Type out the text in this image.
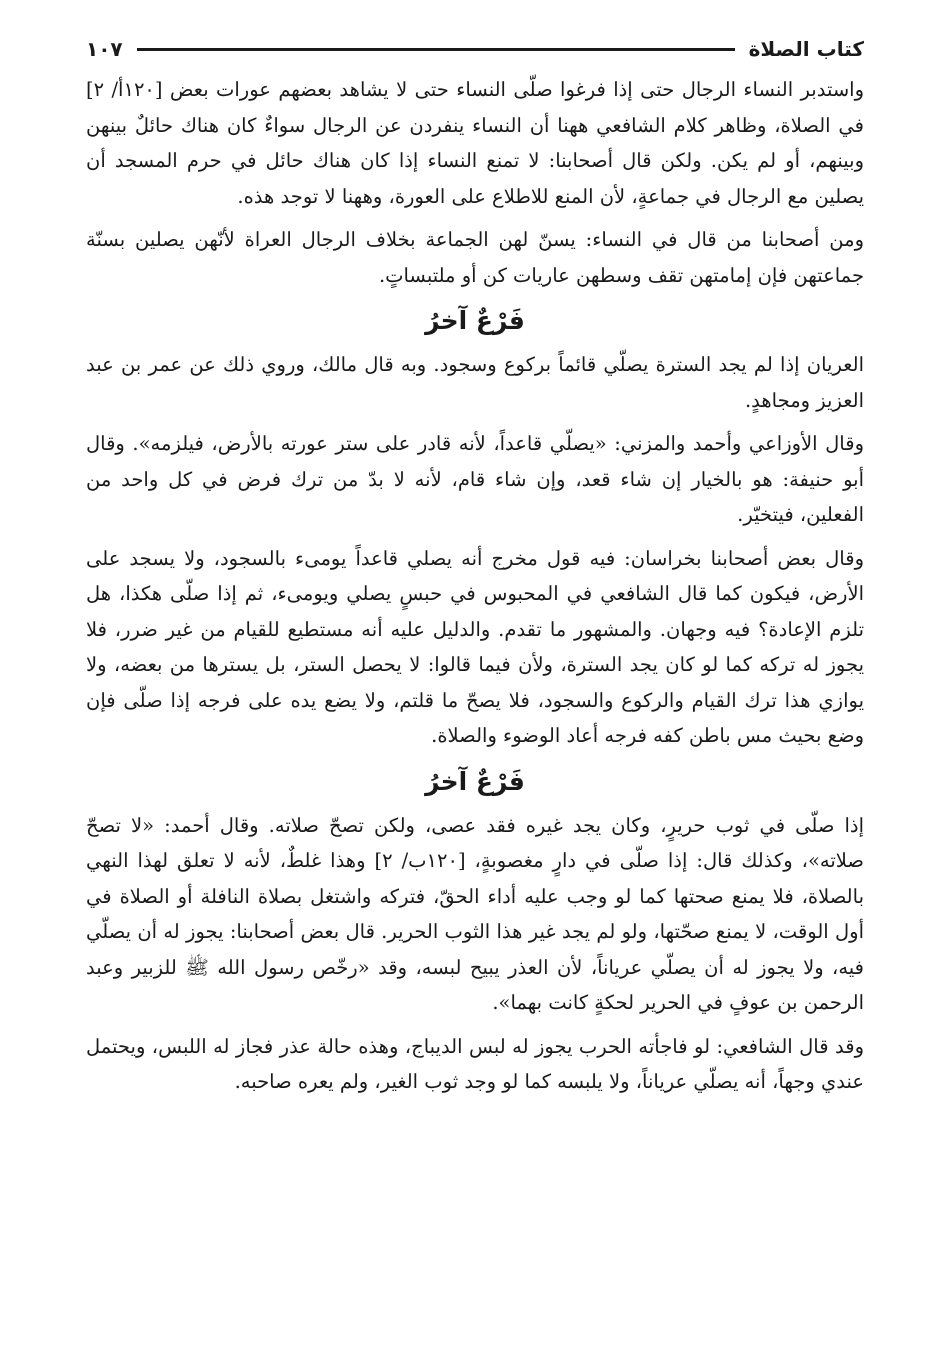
كتاب الصلاة
١٠٧

واستدبر النساء الرجال حتى إذا فرغوا صلّى النساء حتى لا يشاهد بعضهم عورات بعض [١٢٠أ/ ٢] في الصلاة، وظاهر كلام الشافعي ههنا أن النساء ينفردن عن الرجال سواءٌ كان هناك حائلٌ بينهن وبينهم، أو لم يكن. ولكن قال أصحابنا: لا تمنع النساء إذا كان هناك حائل في حرم المسجد أن يصلين مع الرجال في جماعةٍ، لأن المنع للاطلاع على العورة، وههنا لا توجد هذه.

ومن أصحابنا من قال في النساء: يسنّ لهن الجماعة بخلاف الرجال العراة لأنّهن يصلين بسنّة جماعتهن فإن إمامتهن تقف وسطهن عاريات كن أو ملتبساتٍ.

فَرْعٌ آخرُ

العريان إذا لم يجد السترة يصلّي قائماً بركوع وسجود. وبه قال مالك، وروي ذلك عن عمر بن عبد العزيز ومجاهدٍ.

وقال الأوزاعي وأحمد والمزني: «يصلّي قاعداً، لأنه قادر على ستر عورته بالأرض، فيلزمه». وقال أبو حنيفة: هو بالخيار إن شاء قعد، وإن شاء قام، لأنه لا بدّ من ترك فرض في كل واحد من الفعلين، فيتخيّر.

وقال بعض أصحابنا بخراسان: فيه قول مخرج أنه يصلي قاعداً يومىء بالسجود، ولا يسجد على الأرض، فيكون كما قال الشافعي في المحبوس في حبسٍ يصلي ويومىء، ثم إذا صلّى هكذا، هل تلزم الإعادة؟ فيه وجهان. والمشهور ما تقدم. والدليل عليه أنه مستطيع للقيام من غير ضرر، فلا يجوز له تركه كما لو كان يجد السترة، ولأن فيما قالوا: لا يحصل الستر، بل يسترها من بعضه، ولا يوازي هذا ترك القيام والركوع والسجود، فلا يصحّ ما قلتم، ولا يضع يده على فرجه إذا صلّى فإن وضع بحيث مس باطن كفه فرجه أعاد الوضوء والصلاة.

فَرْعٌ آخرُ

إذا صلّى في ثوب حريرٍ، وكان يجد غيره فقد عصى، ولكن تصحّ صلاته. وقال أحمد: «لا تصحّ صلاته»، وكذلك قال: إذا صلّى في دارٍ مغصوبةٍ، [١٢٠ب/ ٢] وهذا غلطٌ، لأنه لا تعلق لهذا النهي بالصلاة، فلا يمنع صحتها كما لو وجب عليه أداء الحقّ، فتركه واشتغل بصلاة النافلة أو الصلاة في أول الوقت، لا يمنع صحّتها، ولو لم يجد غير هذا الثوب الحرير. قال بعض أصحابنا: يجوز له أن يصلّي فيه، ولا يجوز له أن يصلّي عرياناً، لأن العذر يبيح لبسه، وقد «رخّص رسول الله ﷺ للزبير وعبد الرحمن بن عوفٍ في الحرير لحكةٍ كانت بهما».

وقد قال الشافعي: لو فاجأته الحرب يجوز له لبس الديباج، وهذه حالة عذر فجاز له اللبس، ويحتمل عندي وجهاً، أنه يصلّي عرياناً، ولا يلبسه كما لو وجد ثوب الغير، ولم يعره صاحبه.
